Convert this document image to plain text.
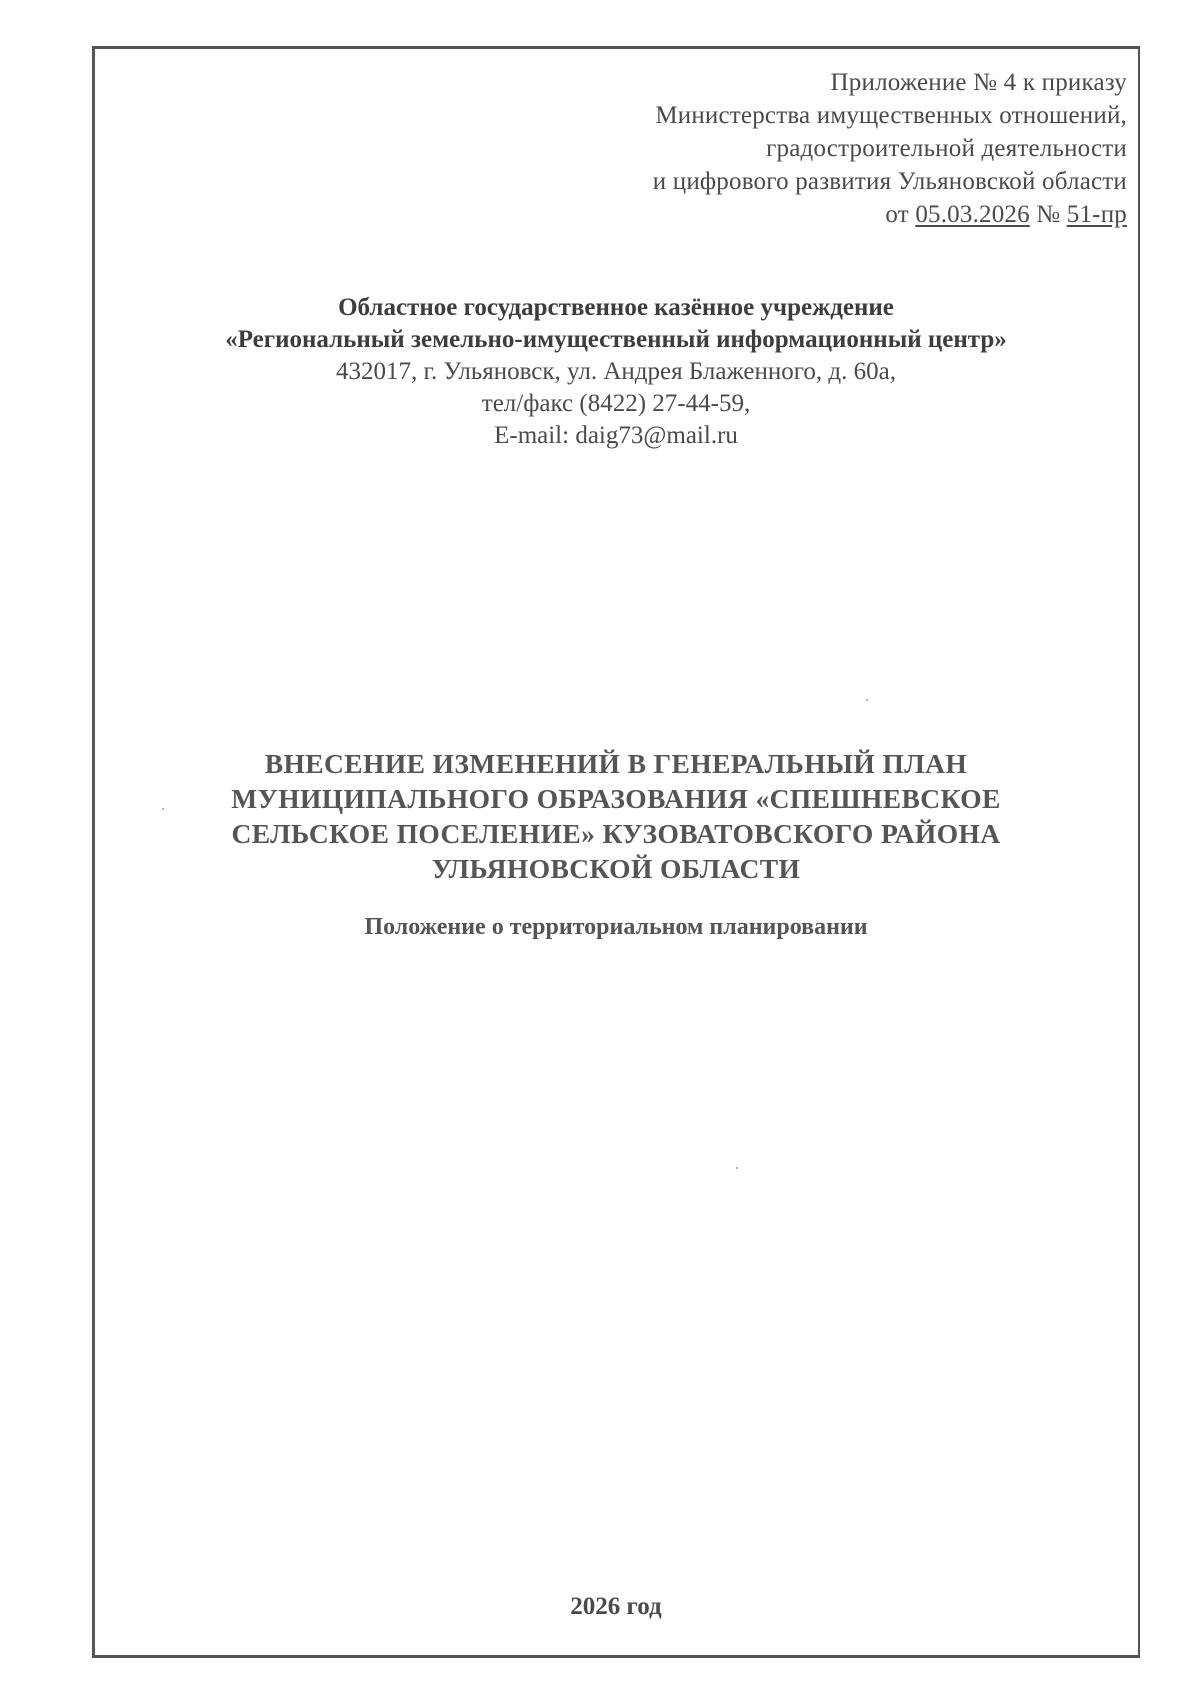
Приложение № 4 к приказу
Министерства имущественных отношений,
градостроительной деятельности
и цифрового развития Ульяновской области
от 05.03.2026 № 51-пр
Областное государственное казённое учреждение
«Региональный земельно-имущественный информационный центр»
432017, г. Ульяновск, ул. Андрея Блаженного, д. 60а,
тел/факс (8422) 27-44-59,
E-mail: daig73@mail.ru
ВНЕСЕНИЕ ИЗМЕНЕНИЙ В ГЕНЕРАЛЬНЫЙ ПЛАН
МУНИЦИПАЛЬНОГО ОБРАЗОВАНИЯ «СПЕШНЕВСКОЕ
СЕЛЬСКОЕ ПОСЕЛЕНИЕ» КУЗОВАТОВСКОГО РАЙОНА
УЛЬЯНОВСКОЙ ОБЛАСТИ
Положение о территориальном планировании
2026 год
